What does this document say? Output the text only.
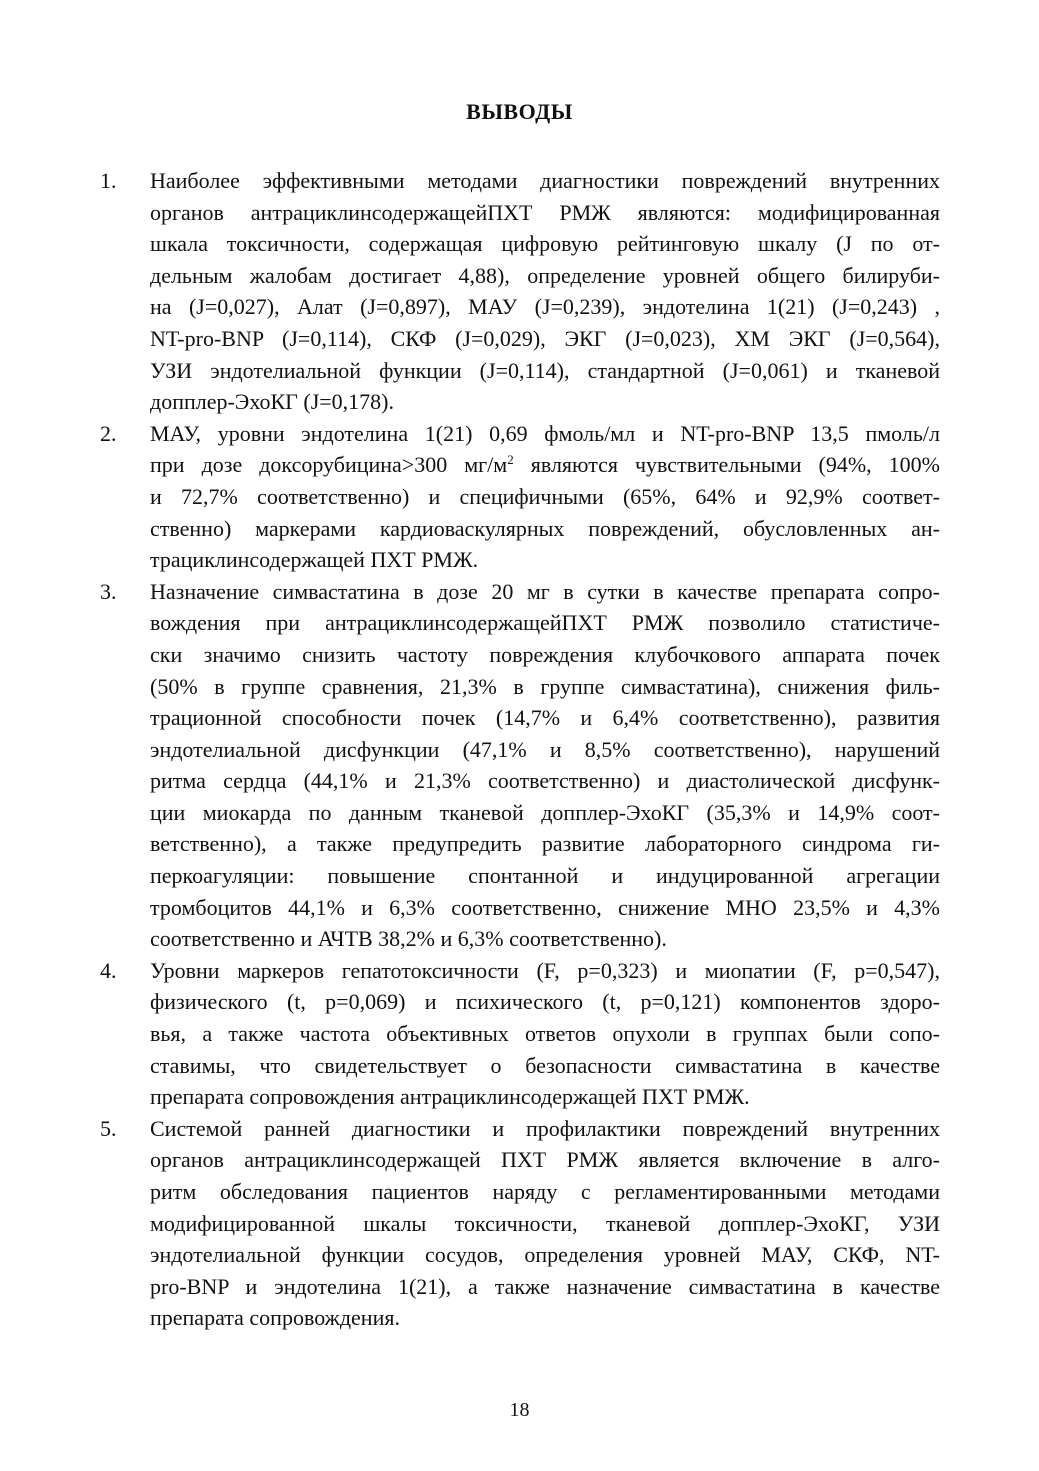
ВЫВОДЫ
1. Наиболее эффективными методами диагностики повреждений внутренних
органов антрациклинсодержащейПХТ РМЖ являются: модифицированная
шкала токсичности, содержащая цифровую рейтинговую шкалу (J по от-
дельным жалобам достигает 4,88), определение уровней общего билируби-
на (J=0,027), Алат (J=0,897), МАУ (J=0,239), эндотелина 1(21) (J=0,243) ,
NT-pro-BNP (J=0,114), СКФ (J=0,029), ЭКГ (J=0,023), ХМ ЭКГ (J=0,564),
УЗИ эндотелиальной функции (J=0,114), стандартной (J=0,061) и тканевой
допплер-ЭхоКГ (J=0,178).
2. МАУ, уровни эндотелина 1(21) 0,69 фмоль/мл и NT-pro-BNP 13,5 пмоль/л
при дозе доксорубицина>300 $мг/м^2$ являются чувствительными (94%, 100%
и 72,7% соответственно) и специфичными (65%, 64% и 92,9% соответ-
ственно) маркерами кардиоваскулярных повреждений, обусловленных ан-
трациклинсодержащей ПХТ РМЖ.
3. Назначение симвастатина в дозе 20 мг в сутки в качестве препарата сопро-
вождения при антрациклинсодержащейПХТ РМЖ позволило статистиче-
ски значимо снизить частоту повреждения клубочкового аппарата почек
(50% в группе сравнения, 21,3% в группе симвастатина), снижения филь-
трационной способности почек (14,7% и 6,4% соответственно), развития
эндотелиальной дисфункции (47,1% и 8,5% соответственно), нарушений
ритма сердца (44,1% и 21,3% соответственно) и диастолической дисфунк-
ции миокарда по данным тканевой допплер-ЭхоКГ (35,3% и 14,9% соот-
ветственно), а также предупредить развитие лабораторного синдрома ги-
перкоагуляции: повышение спонтанной и индуцированной агрегации
тромбоцитов 44,1% и 6,3% соответственно, снижение МНО 23,5% и 4,3%
соответственно и АЧТВ 38,2% и 6,3% соответственно).
4. Уровни маркеров гепатотоксичности (F, p=0,323) и миопатии (F, p=0,547),
физического (t, p=0,069) и психического (t, p=0,121) компонентов здоро-
вья, а также частота объективных ответов опухоли в группах были сопо-
ставимы, что свидетельствует о безопасности симвастатина в качестве
препарата сопровождения антрациклинсодержащей ПХТ РМЖ.
5. Системой ранней диагностики и профилактики повреждений внутренних
органов антрациклинсодержащей ПХТ РМЖ является включение в алго-
ритм обследования пациентов наряду с регламентированными методами
модифицированной шкалы токсичности, тканевой допплер-ЭхоКГ, УЗИ
эндотелиальной функции сосудов, определения уровней МАУ, СКФ, NT-
pro-BNP и эндотелина 1(21), а также назначение симвастатина в качестве
препарата сопровождения.
18
